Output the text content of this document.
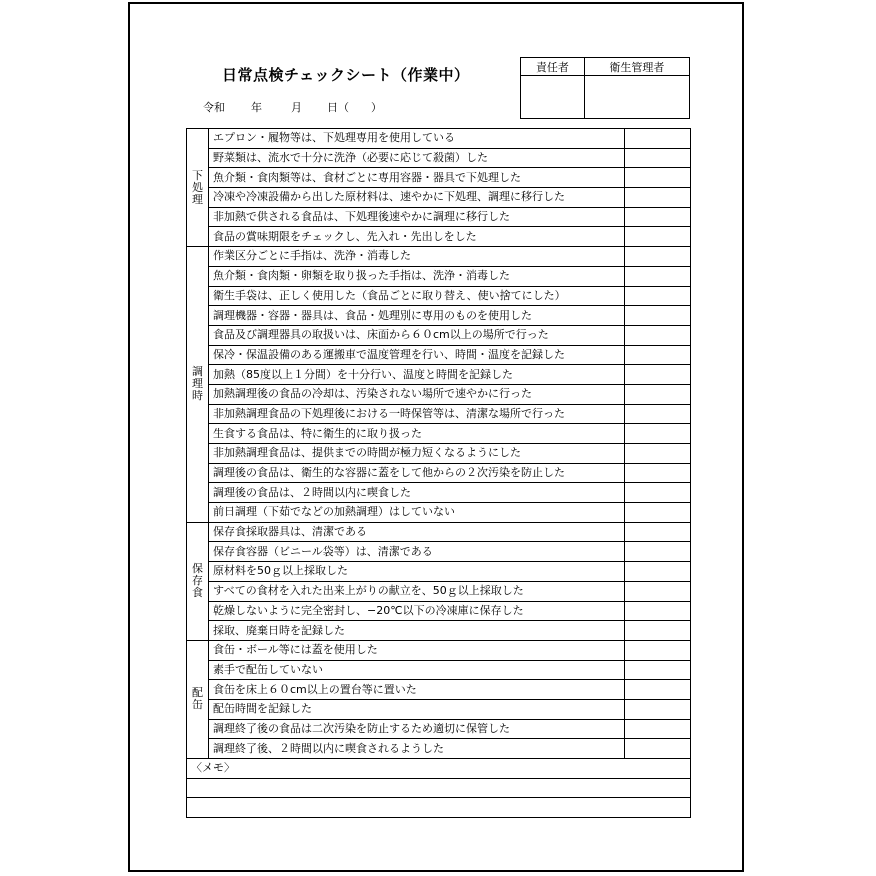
日常点検チェックシート（作業中）
令和 年	月 日（　　）
責任者	衛生管理者

下処理	エプロン・履物等は、下処理専用を使用している	
	野菜類は、流水で十分に洗浄（必要に応じて殺菌）した	
	魚介類・食肉類等は、食材ごとに専用容器・器具で下処理した	
	冷凍や冷凍設備から出した原材料は、速やかに下処理、調理に移行した	
	非加熱で供される食品は、下処理後速やかに調理に移行した	
	食品の賞味期限をチェックし、先入れ・先出しをした	

調理時	作業区分ごとに手指は、洗浄・消毒した	
	魚介類・食肉類・卵類を取り扱った手指は、洗浄・消毒した	
	衛生手袋は、正しく使用した（食品ごとに取り替え、使い捨てにした）	
	調理機器・容器・器具は、食品・処理別に専用のものを使用した	
	食品及び調理器具の取扱いは、床面から６０cm以上の場所で行った	
	保冷・保温設備のある運搬車で温度管理を行い、時間・温度を記録した	
	加熱（85度以上１分間）を十分行い、温度と時間を記録した	
	加熱調理後の食品の冷却は、汚染されない場所で速やかに行った	
	非加熱調理食品の下処理後における一時保管等は、清潔な場所で行った	
	生食する食品は、特に衛生的に取り扱った	
	非加熱調理食品は、提供までの時間が極力短くなるようにした	
	調理後の食品は、衛生的な容器に蓋をして他からの２次汚染を防止した	
	調理後の食品は、２時間以内に喫食した	
	前日調理（下茹でなどの加熱調理）はしていない	

保存食	保存食採取器具は、清潔である	
	保存食容器（ビニール袋等）は、清潔である	
	原材料を50ｇ以上採取した	
	すべての食材を入れた出来上がりの献立を、50ｇ以上採取した	
	乾燥しないように完全密封し、−20℃以下の冷凍庫に保存した	
	採取、廃棄日時を記録した	

配缶	食缶・ボール等には蓋を使用した	
	素手で配缶していない	
	食缶を床上６０cm以上の置台等に置いた	
	配缶時間を記録した	
	調理終了後の食品は二次汚染を防止するため適切に保管した	
	調理終了後、２時間以内に喫食されるようした	
〈メモ〉		
